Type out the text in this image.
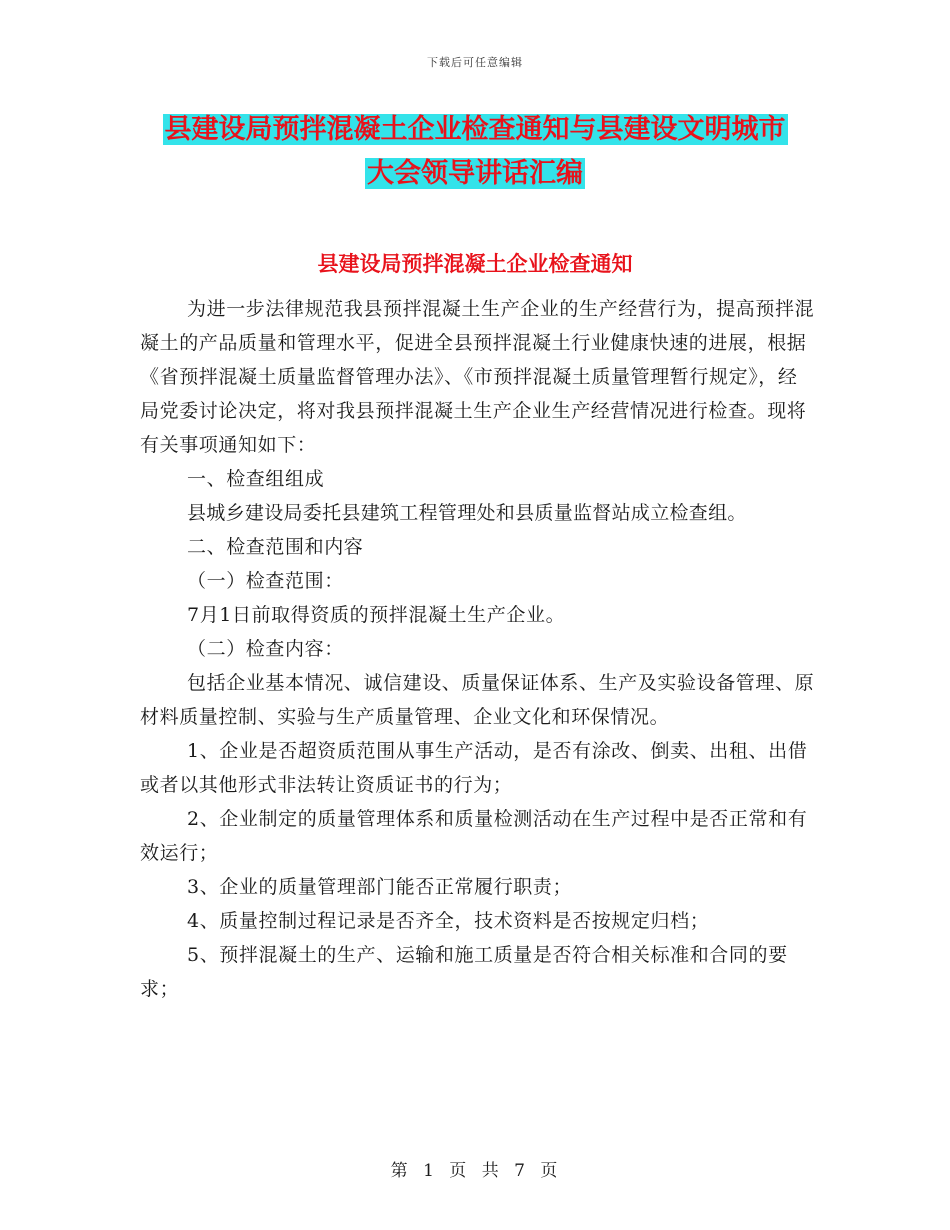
下载后可任意编辑
县建设局预拌混凝土企业检查通知与县建设文明城市
大会领导讲话汇编
县建设局预拌混凝土企业检查通知

为进一步法律规范我县预拌混凝土生产企业的生产经营行为，提高预拌混凝土的产品质量和管理水平，促进全县预拌混凝土行业健康快速的进展，根据《省预拌混凝土质量监督管理办法》、《市预拌混凝土质量管理暂行规定》，经局党委讨论决定，将对我县预拌混凝土生产企业生产经营情况进行检查。现将有关事项通知如下：

一、检查组组成

县城乡建设局委托县建筑工程管理处和县质量监督站成立检查组。

二、检查范围和内容

（一）检查范围：

7月1日前取得资质的预拌混凝土生产企业。

（二）检查内容：

包括企业基本情况、诚信建设、质量保证体系、生产及实验设备管理、原材料质量控制、实验与生产质量管理、企业文化和环保情况。

1、企业是否超资质范围从事生产活动，是否有涂改、倒卖、出租、出借或者以其他形式非法转让资质证书的行为；

2、企业制定的质量管理体系和质量检测活动在生产过程中是否正常和有效运行；

3、企业的质量管理部门能否正常履行职责；

4、质量控制过程记录是否齐全，技术资料是否按规定归档；

5、预拌混凝土的生产、运输和施工质量是否符合相关标准和合同的要求；

第 1 页 共 7 页
